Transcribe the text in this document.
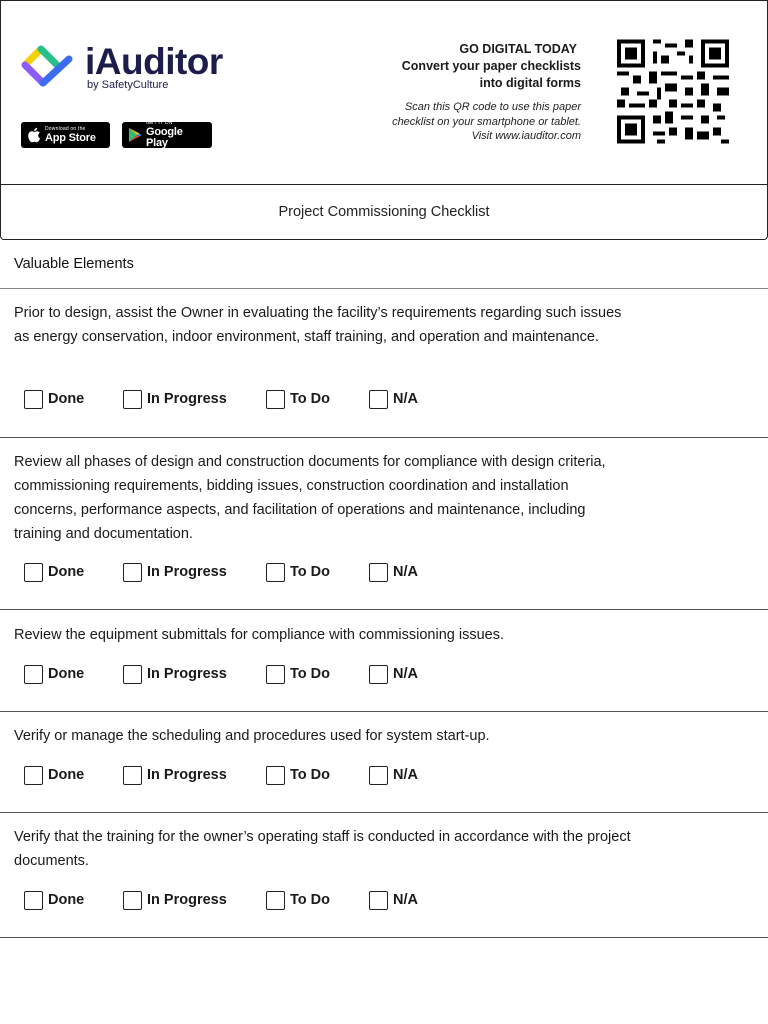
iAuditor
by SafetyCulture
Download on the
App Store
GET IT ON
Google Play
GO DIGITAL TODAY
Convert your paper checklists
into digital forms
Scan this QR code to use this paper checklist on your smartphone or tablet. Visit www.iauditor.com
Project Commissioning Checklist
Valuable Elements
Prior to design, assist the Owner in evaluating the facility’s requirements regarding such issues as energy conservation, indoor environment, staff training, and operation and maintenance.
Done	In Progress	To Do	N/A
Review all phases of design and construction documents for compliance with design criteria, commissioning requirements, bidding issues, construction coordination and installation concerns, performance aspects, and facilitation of operations and maintenance, including training and documentation.
Done	In Progress	To Do	N/A
Review the equipment submittals for compliance with commissioning issues.
Done	In Progress	To Do	N/A
Verify or manage the scheduling and procedures used for system start-up.
Done	In Progress	To Do	N/A
Verify that the training for the owner’s operating staff is conducted in accordance with the project documents.
Done	In Progress	To Do	N/A
